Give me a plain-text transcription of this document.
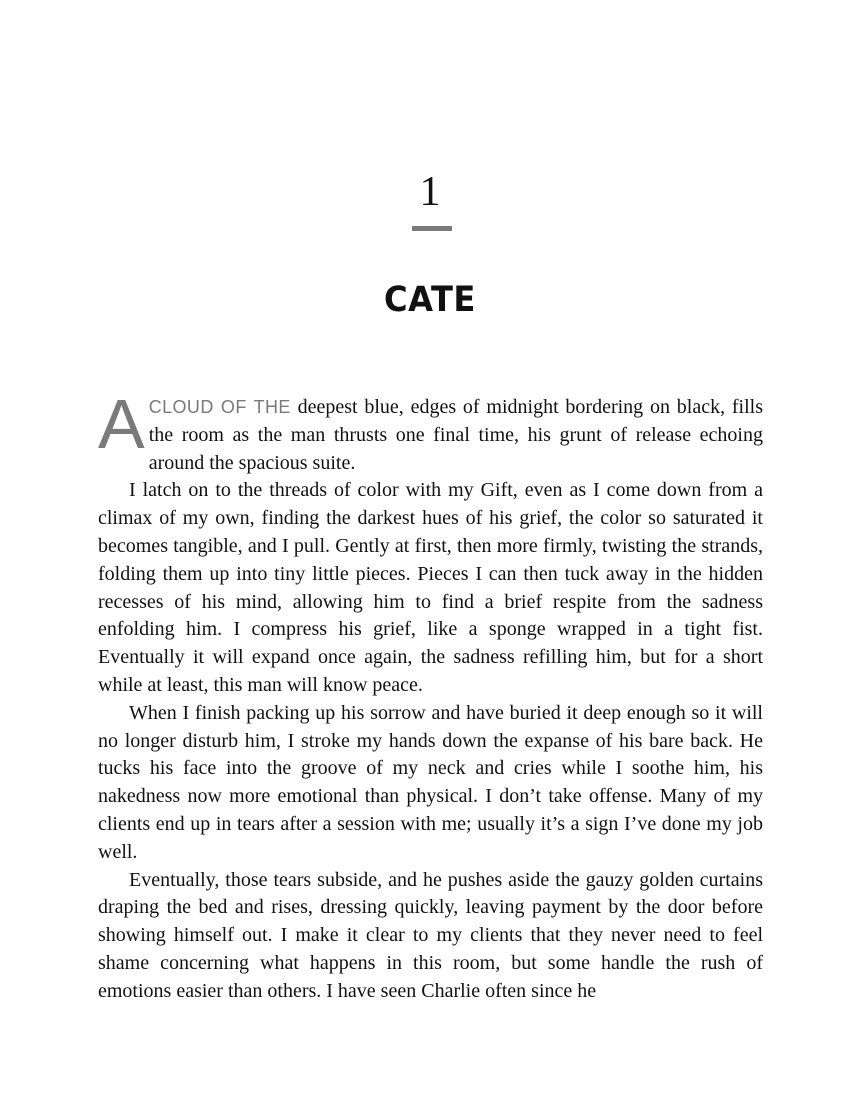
1
CATE

ACLOUD OF THE deepest blue, edges of midnight bordering on black, fills the room as the man thrusts one final time, his grunt of release echoing around the spacious suite.

I latch on to the threads of color with my Gift, even as I come down from a climax of my own, finding the darkest hues of his grief, the color so saturated it becomes tangible, and I pull. Gently at first, then more firmly, twisting the strands, folding them up into tiny little pieces. Pieces I can then tuck away in the hidden recesses of his mind, allowing him to find a brief respite from the sadness enfolding him. I compress his grief, like a sponge wrapped in a tight fist. Eventually it will expand once again, the sadness refilling him, but for a short while at least, this man will know peace.

When I finish packing up his sorrow and have buried it deep enough so it will no longer disturb him, I stroke my hands down the expanse of his bare back. He tucks his face into the groove of my neck and cries while I soothe him, his nakedness now more emotional than physical. I don’t take offense. Many of my clients end up in tears after a session with me; usually it’s a sign I’ve done my job well.

Eventually, those tears subside, and he pushes aside the gauzy golden curtains draping the bed and rises, dressing quickly, leaving payment by the door before showing himself out. I make it clear to my clients that they never need to feel shame concerning what happens in this room, but some handle the rush of emotions easier than others. I have seen Charlie often since he
